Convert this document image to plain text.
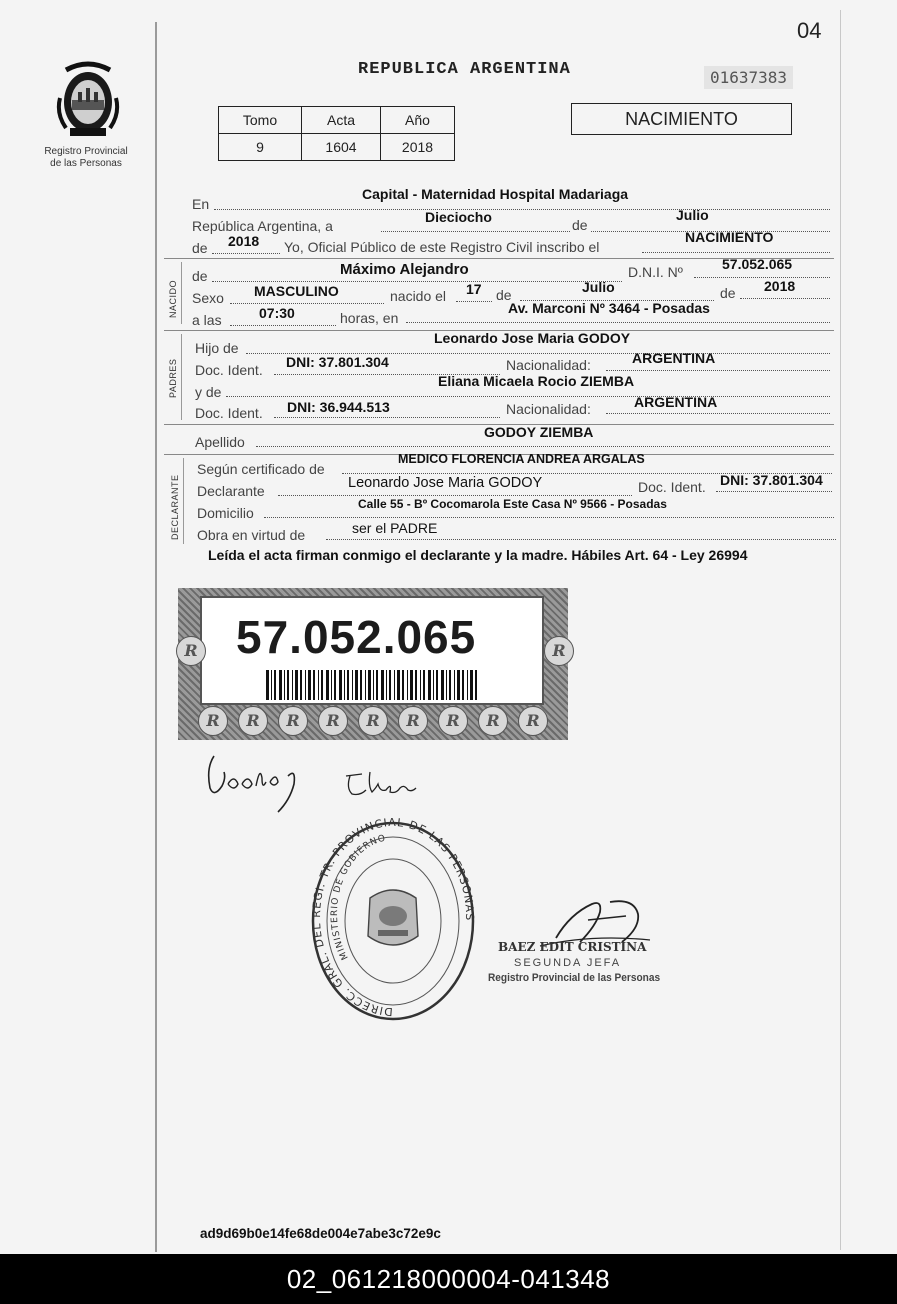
04
Registro Provincial
de las Personas
REPUBLICA ARGENTINA	01637383
Tomo	Acta	Año
9	1604	2018
NACIMIENTO
En
Capital - Maternidad Hospital Madariaga
República Argentina, a
Dieciocho	de
Julio
de 2018 Yo, Oficial Público de este Registro Civil inscribo el
NACIMIENTO
NACIDO
de	Máximo Alejandro	D.N.I. Nº	57.052.065
Sexo MASCULINO	nacido el 17 de	Julio	de 2018
a las	07:30	horas, en
Av. Marconi Nº 3464 - Posadas
PADRES
Hijo de
Leonardo Jose Maria GODOY
Doc. Ident. DNI: 37.801.304	Nacionalidad:	ARGENTINA
y de
Eliana Micaela Rocio ZIEMBA
Doc. Ident. DNI: 36.944.513	Nacionalidad:	ARGENTINA
Apellido
GODOY ZIEMBA
DECLARANTE
Según certificado de
MEDICO FLORENCIA ANDREA ARGALAS
Declarante	Leonardo Jose Maria GODOY	Doc. Ident. DNI: 37.801.304
Domicilio
Calle 55 - Bº Cocomarola Este Casa Nº 9566 - Posadas
Obra en virtud de	ser el PADRE
Leída el acta firman conmigo el declarante y la madre. Hábiles Art. 64 - Ley 26994
57.052.065
R	R	R	R	R	R	R	R	R
R	R
DIRECC. GRAL. DEL REGI. TR. PROVINCIAL DE LAS PERSONAS
MINISTERIO DE GOBIERNO
BAEZ EDIT CRISTINA
SEGUNDA JEFA
Registro Provincial de las Personas
ad9d69b0e14fe68de004e7abe3c72e9c
02_061218000004-041348
